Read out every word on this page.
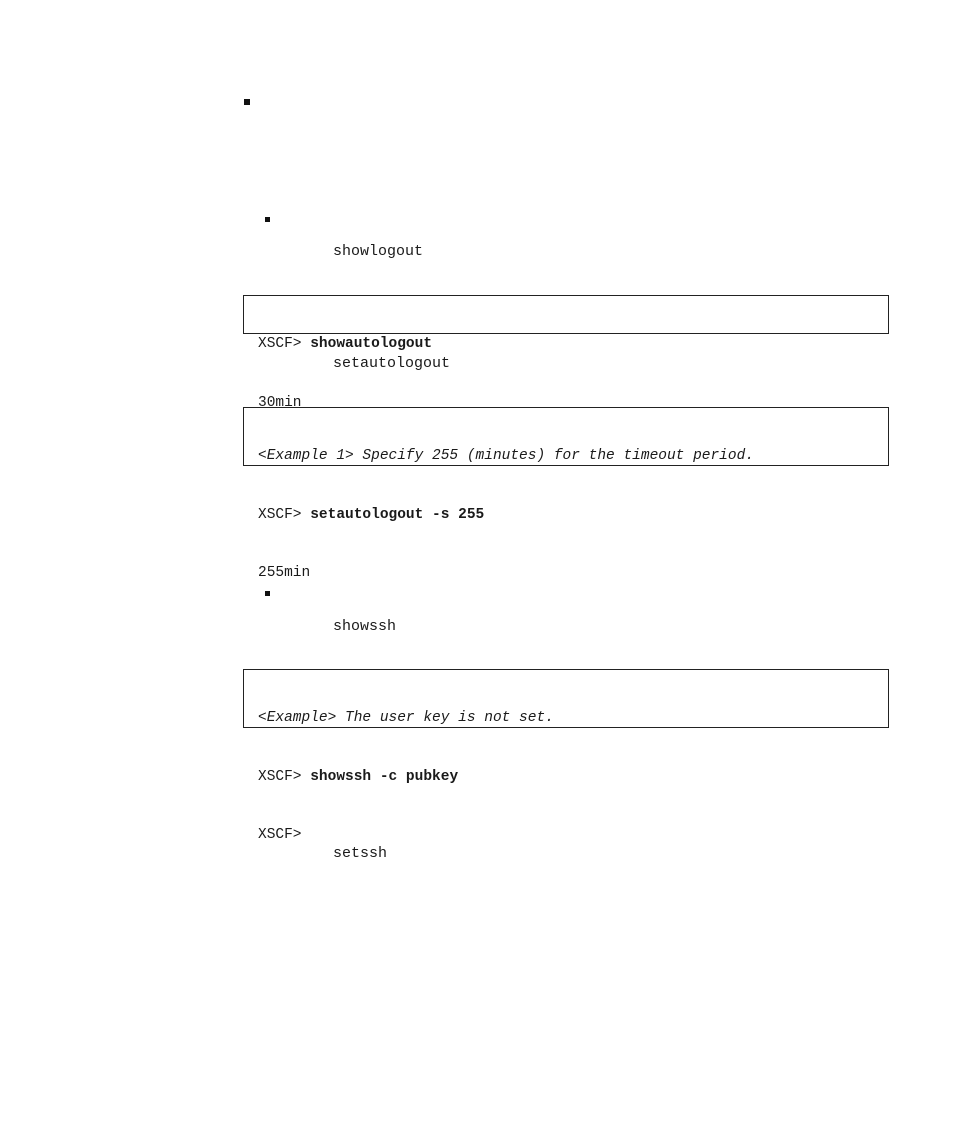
showlogout

XSCF> showautologout

30min

setautologout

<Example 1> Specify 255 (minutes) for the timeout period.

XSCF> setautologout -s 255

255min

showssh

<Example> The user key is not set.

XSCF> showssh -c pubkey

XSCF>

setssh
